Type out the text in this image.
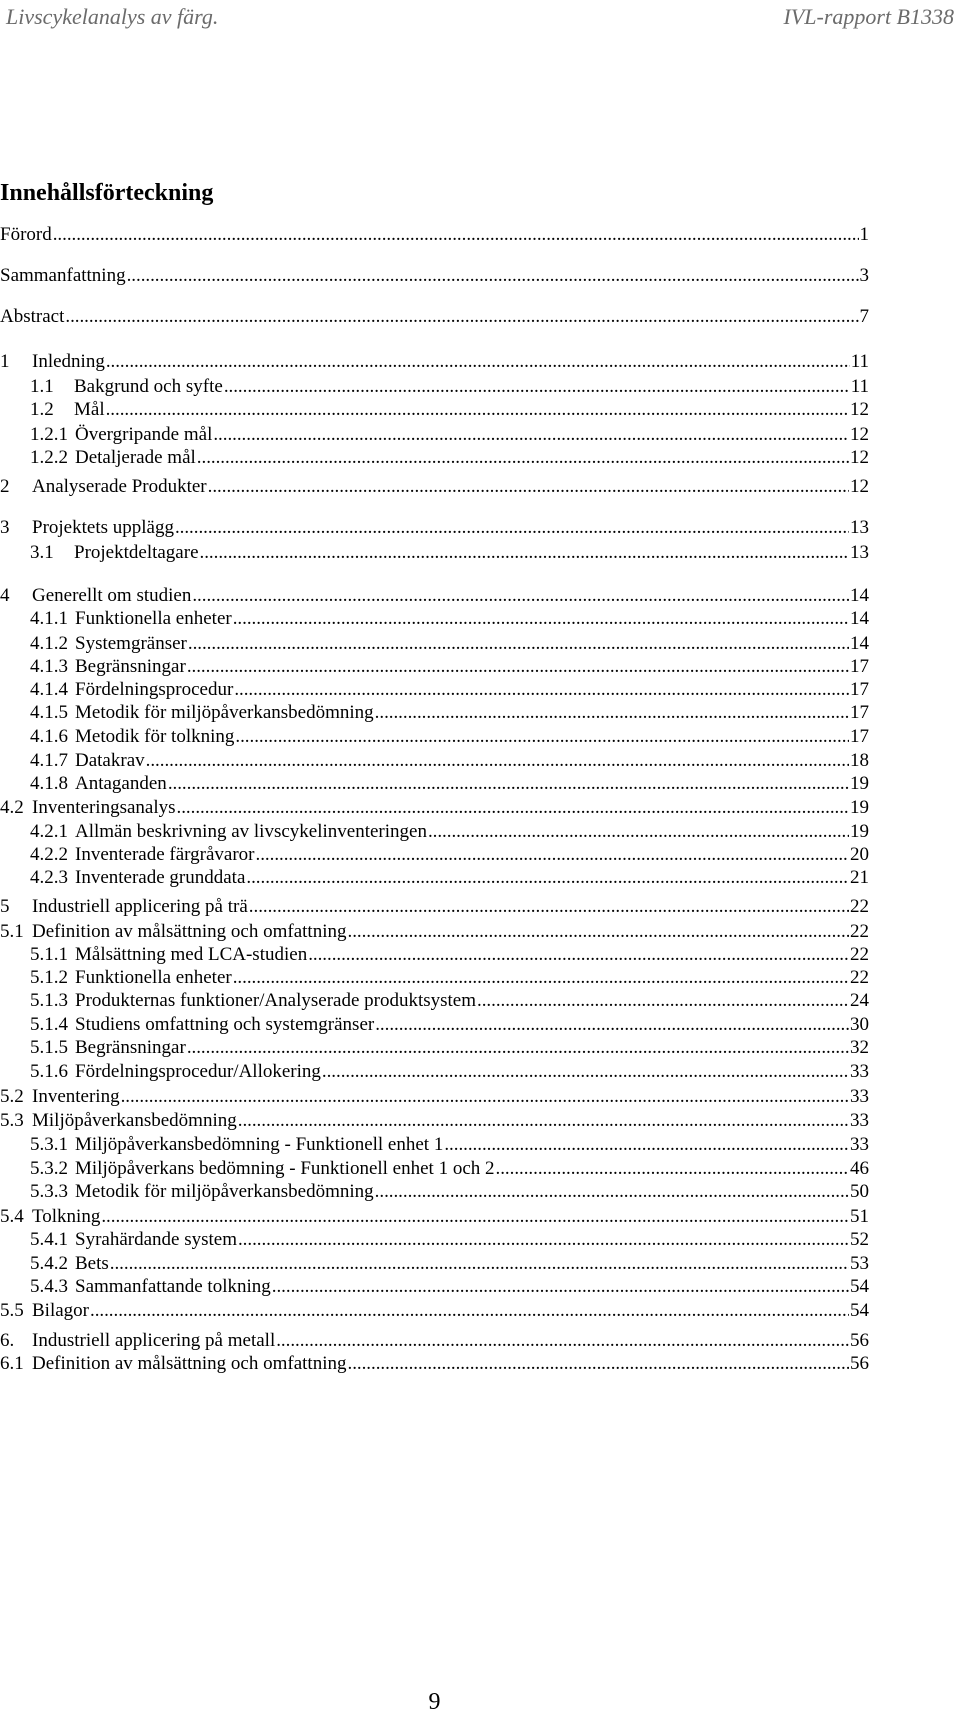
Livscykelanalys av färg.	IVL-rapport B1338
Innehållsförteckning
Förord . . .	1
Sammanfattning . . .	3
Abstract . . .	7
1	Inledning . . .	11
1.1	Bakgrund och syfte . . .	11
1.2	Mål . . .	12
1.2.1 Övergripande mål . . .	12
1.2.2 Detaljerade mål . . .	12
2	Analyserade Produkter . . .	12
3	Projektets upplägg . . .	13
3.1	Projektdeltagare . . .	13
4	Generellt om studien . . .	14
4.1.1 Funktionella enheter . . .	14
4.1.2 Systemgränser . . .	14
4.1.3 Begränsningar . . .	17
4.1.4 Fördelningsprocedur . . .	17
4.1.5 Metodik för miljöpåverkansbedömning . . .	17
4.1.6 Metodik för tolkning . . .	17
4.1.7 Datakrav . . .	18
4.1.8 Antaganden . . .	19
4.2 Inventeringsanalys . . .	19
4.2.1 Allmän beskrivning av livscykelinventeringen . . .	19
4.2.2 Inventerade färgråvaror . . .	20
4.2.3 Inventerade grunddata . . .	21
5	Industriell applicering på trä . . .	22
5.1 Definition av målsättning och omfattning . . .	22
5.1.1 Målsättning med LCA-studien . . .	22
5.1.2 Funktionella enheter . . .	22
5.1.3 Produkternas funktioner/Analyserade produktsystem . . .	24
5.1.4 Studiens omfattning och systemgränser . . .	30
5.1.5 Begränsningar . . .	32
5.1.6 Fördelningsprocedur/Allokering . . .	33
5.2 Inventering . . .	33
5.3 Miljöpåverkansbedömning . . .	33
5.3.1 Miljöpåverkansbedömning - Funktionell enhet 1 . . .	33
5.3.2 Miljöpåverkans bedömning - Funktionell enhet 1 och 2 . . .	46
5.3.3 Metodik för miljöpåverkansbedömning . . .	50
5.4 Tolkning . . .	51
5.4.1 Syrahärdande system . . .	52
5.4.2 Bets . . .	53
5.4.3 Sammanfattande tolkning . . .	54
5.5 Bilagor . . .	54
6. Industriell applicering på metall . . .	56
6.1 Definition av målsättning och omfattning . . .	56
9
